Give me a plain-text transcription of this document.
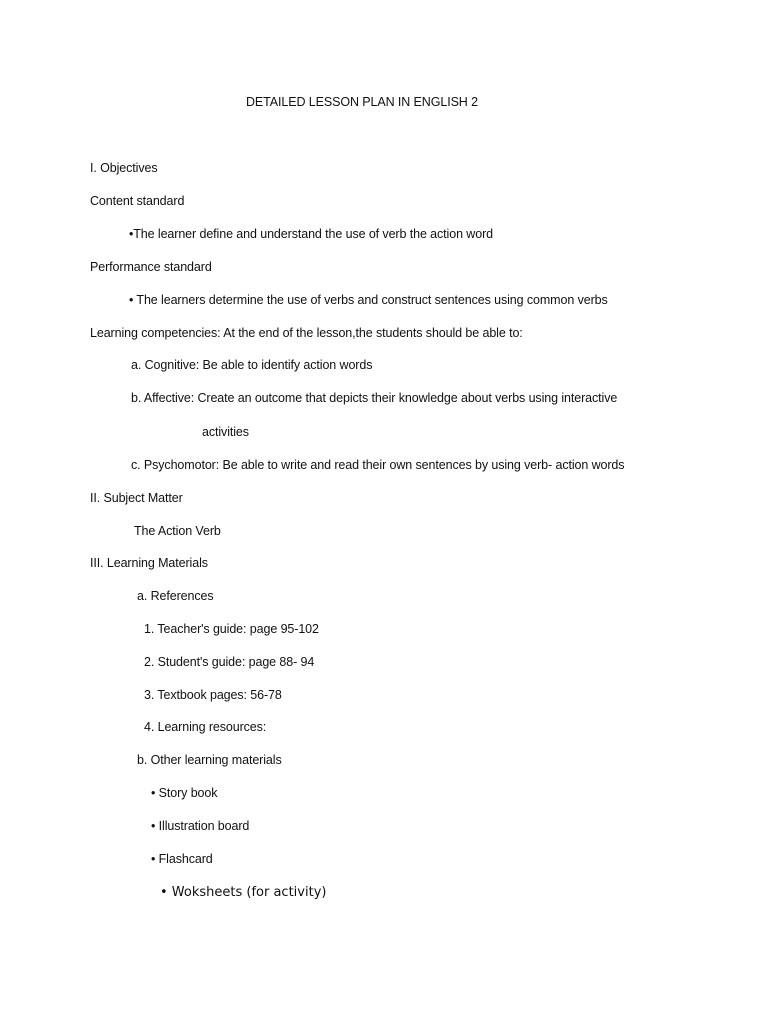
DETAILED LESSON PLAN IN ENGLISH 2
I. Objectives
Content standard
•The learner define and understand the use of verb the action word
Performance standard
• The learners determine the use of verbs and construct sentences using common verbs
Learning competencies: At the end of the lesson,the students should be able to:
a. Cognitive: Be able to identify action words
b. Affective: Create an outcome that depicts their knowledge about verbs using interactive
activities
c. Psychomotor: Be able to write and read their own sentences by using verb- action words
II. Subject Matter
The Action Verb
III. Learning Materials
a. References
1. Teacher's guide: page 95-102
2. Student's guide: page 88- 94
3. Textbook pages: 56-78
4. Learning resources:
b. Other learning materials
• Story book
• Illustration board
• Flashcard
• Woksheets (for activity)
